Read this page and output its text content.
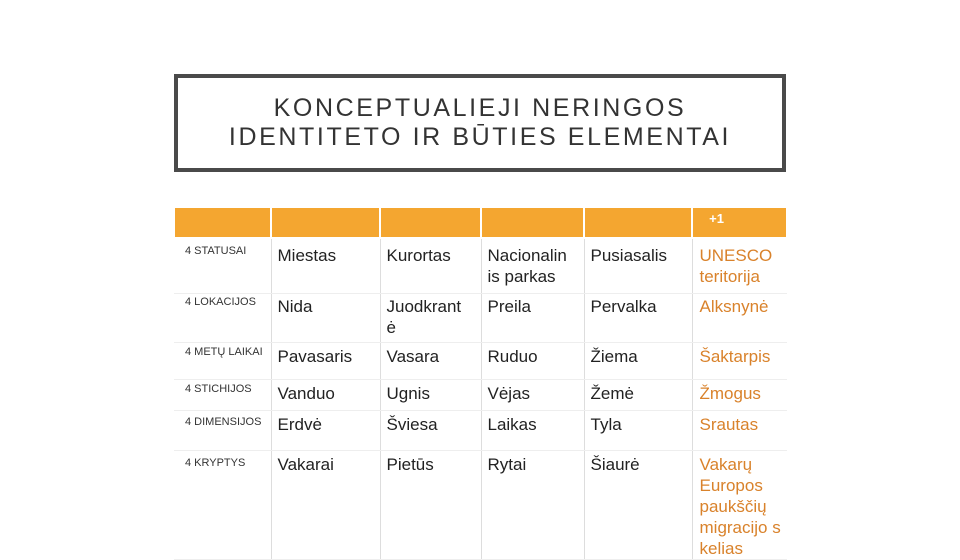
KONCEPTUALIEJI NERINGOS
IDENTITETO IR BŪTIES ELEMENTAI

					+1

4 STATUSAI	Miestas	Kurortas	Nacionalin is parkas	Pusiasalis	UNESCO teritorija
4 LOKACIJOS	Nida	Juodkrant ė	Preila	Pervalka	Alksnynė
4 METŲ LAIKAI	Pavasaris	Vasara	Ruduo	Žiema	Šaktarpis
4 STICHIJOS	Vanduo	Ugnis	Vėjas	Žemė	Žmogus
4 DIMENSIJOS	Erdvė	Šviesa	Laikas	Tyla	Srautas
4 KRYPTYS	Vakarai	Pietūs	Rytai	Šiaurė	Vakarų Europos paukščių migracijo s kelias
